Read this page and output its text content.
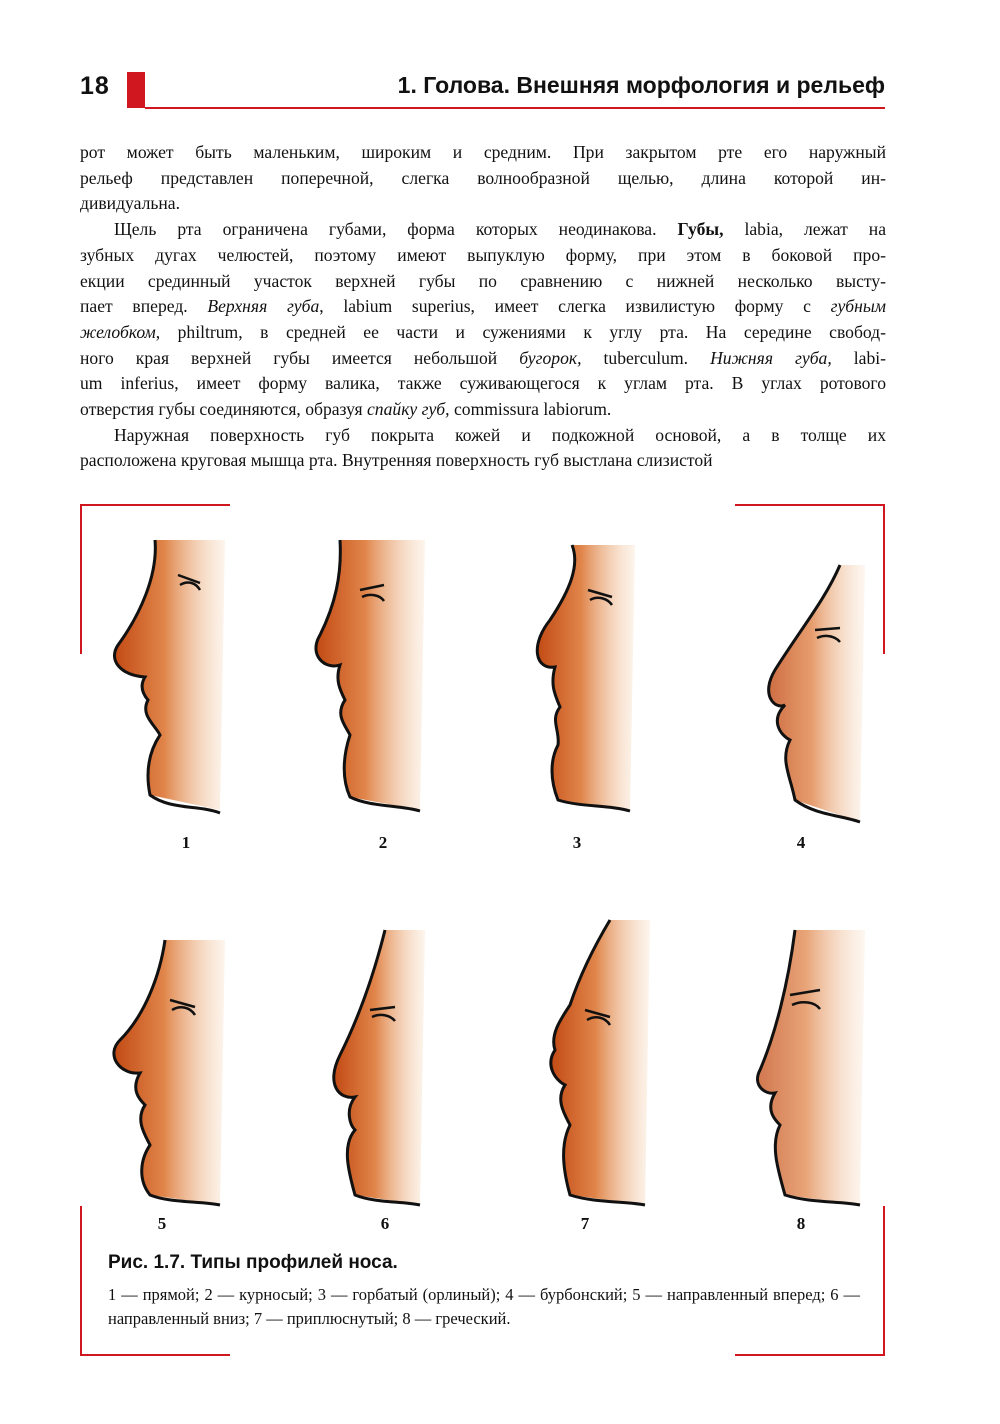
18	1. Голова. Внешняя морфология и рельеф

рот может быть маленьким, широким и средним. При закрытом рте его наружный

рельеф представлен поперечной, слегка волнообразной щелью, длина которой ин-

дивидуальна.

Щель рта ограничена губами, форма которых неодинакова. Губы, labia, лежат на

зубных дугах челюстей, поэтому имеют выпуклую форму, при этом в боковой про-

екции срединный участок верхней губы по сравнению с нижней несколько высту-

пает вперед. Верхняя губа, labium superius, имеет слегка извилистую форму с губным

желобком, philtrum, в средней ее части и сужениями к углу рта. На середине свобод-

ного края верхней губы имеется небольшой бугорок, tuberculum. Нижняя губа, labi-

um inferius, имеет форму валика, также суживающегося к углам рта. В углах ротового

отверстия губы соединяются, образуя спайку губ, commissura labiorum.

Наружная поверхность губ покрыта кожей и подкожной основой, а в толще их

расположена круговая мышца рта. Внутренняя поверхность губ выстлана слизистой

1	2	3	4
5	6	7	8
Рис. 1.7. Типы профилей носа.
1 — прямой; 2 — курносый; 3 — горбатый (орлиный); 4 — бурбонский; 5 — направленный вперед; 6 — направленный вниз; 7 — приплюснутый; 8 — греческий.
